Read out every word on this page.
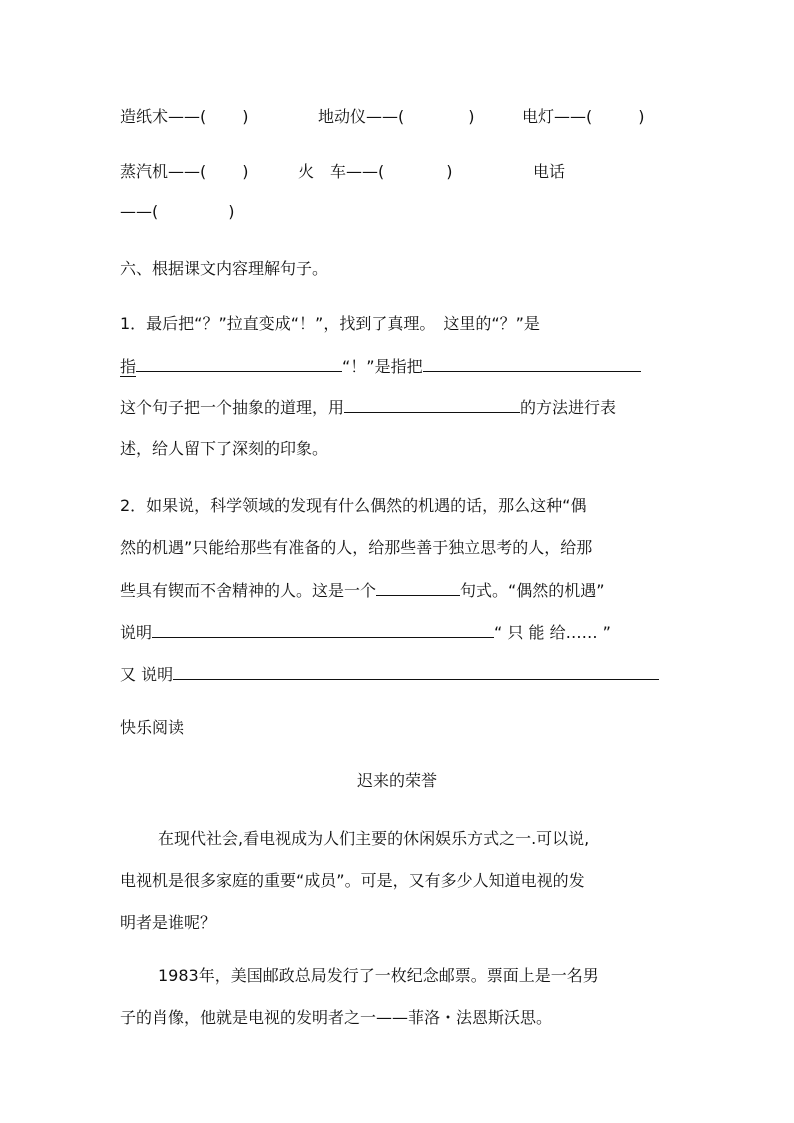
造纸术——( )	地动仪——(	)	电灯——(	)
蒸汽机——( )	火　车——(	)	电话
——(	)
六、根据课文内容理解句子。
1．最后把“？”拉直变成“！”，找到了真理。　这里的“？”是
指	“！”是指把
这个句子把一个抽象的道理，用	的方法进行表
述，给人留下了深刻的印象。
2．如果说，科学领域的发现有什么偶然的机遇的话，那么这种“偶
然的机遇”只能给那些有准备的人，给那些善于独立思考的人，给那
些具有锲而不舍精神的人。这是一个	句式。“偶然的机遇”
说明	“ 只 能 给…… ”
又 说明
快乐阅读
迟来的荣誉
在现代社会,看电视成为人们主要的休闲娱乐方式之一.可以说,
电视机是很多家庭的重要“成员”。可是，又有多少人知道电视的发
明者是谁呢？
1983年，美国邮政总局发行了一枚纪念邮票。票面上是一名男
子的肖像，他就是电视的发明者之一——菲洛・法恩斯沃思。
